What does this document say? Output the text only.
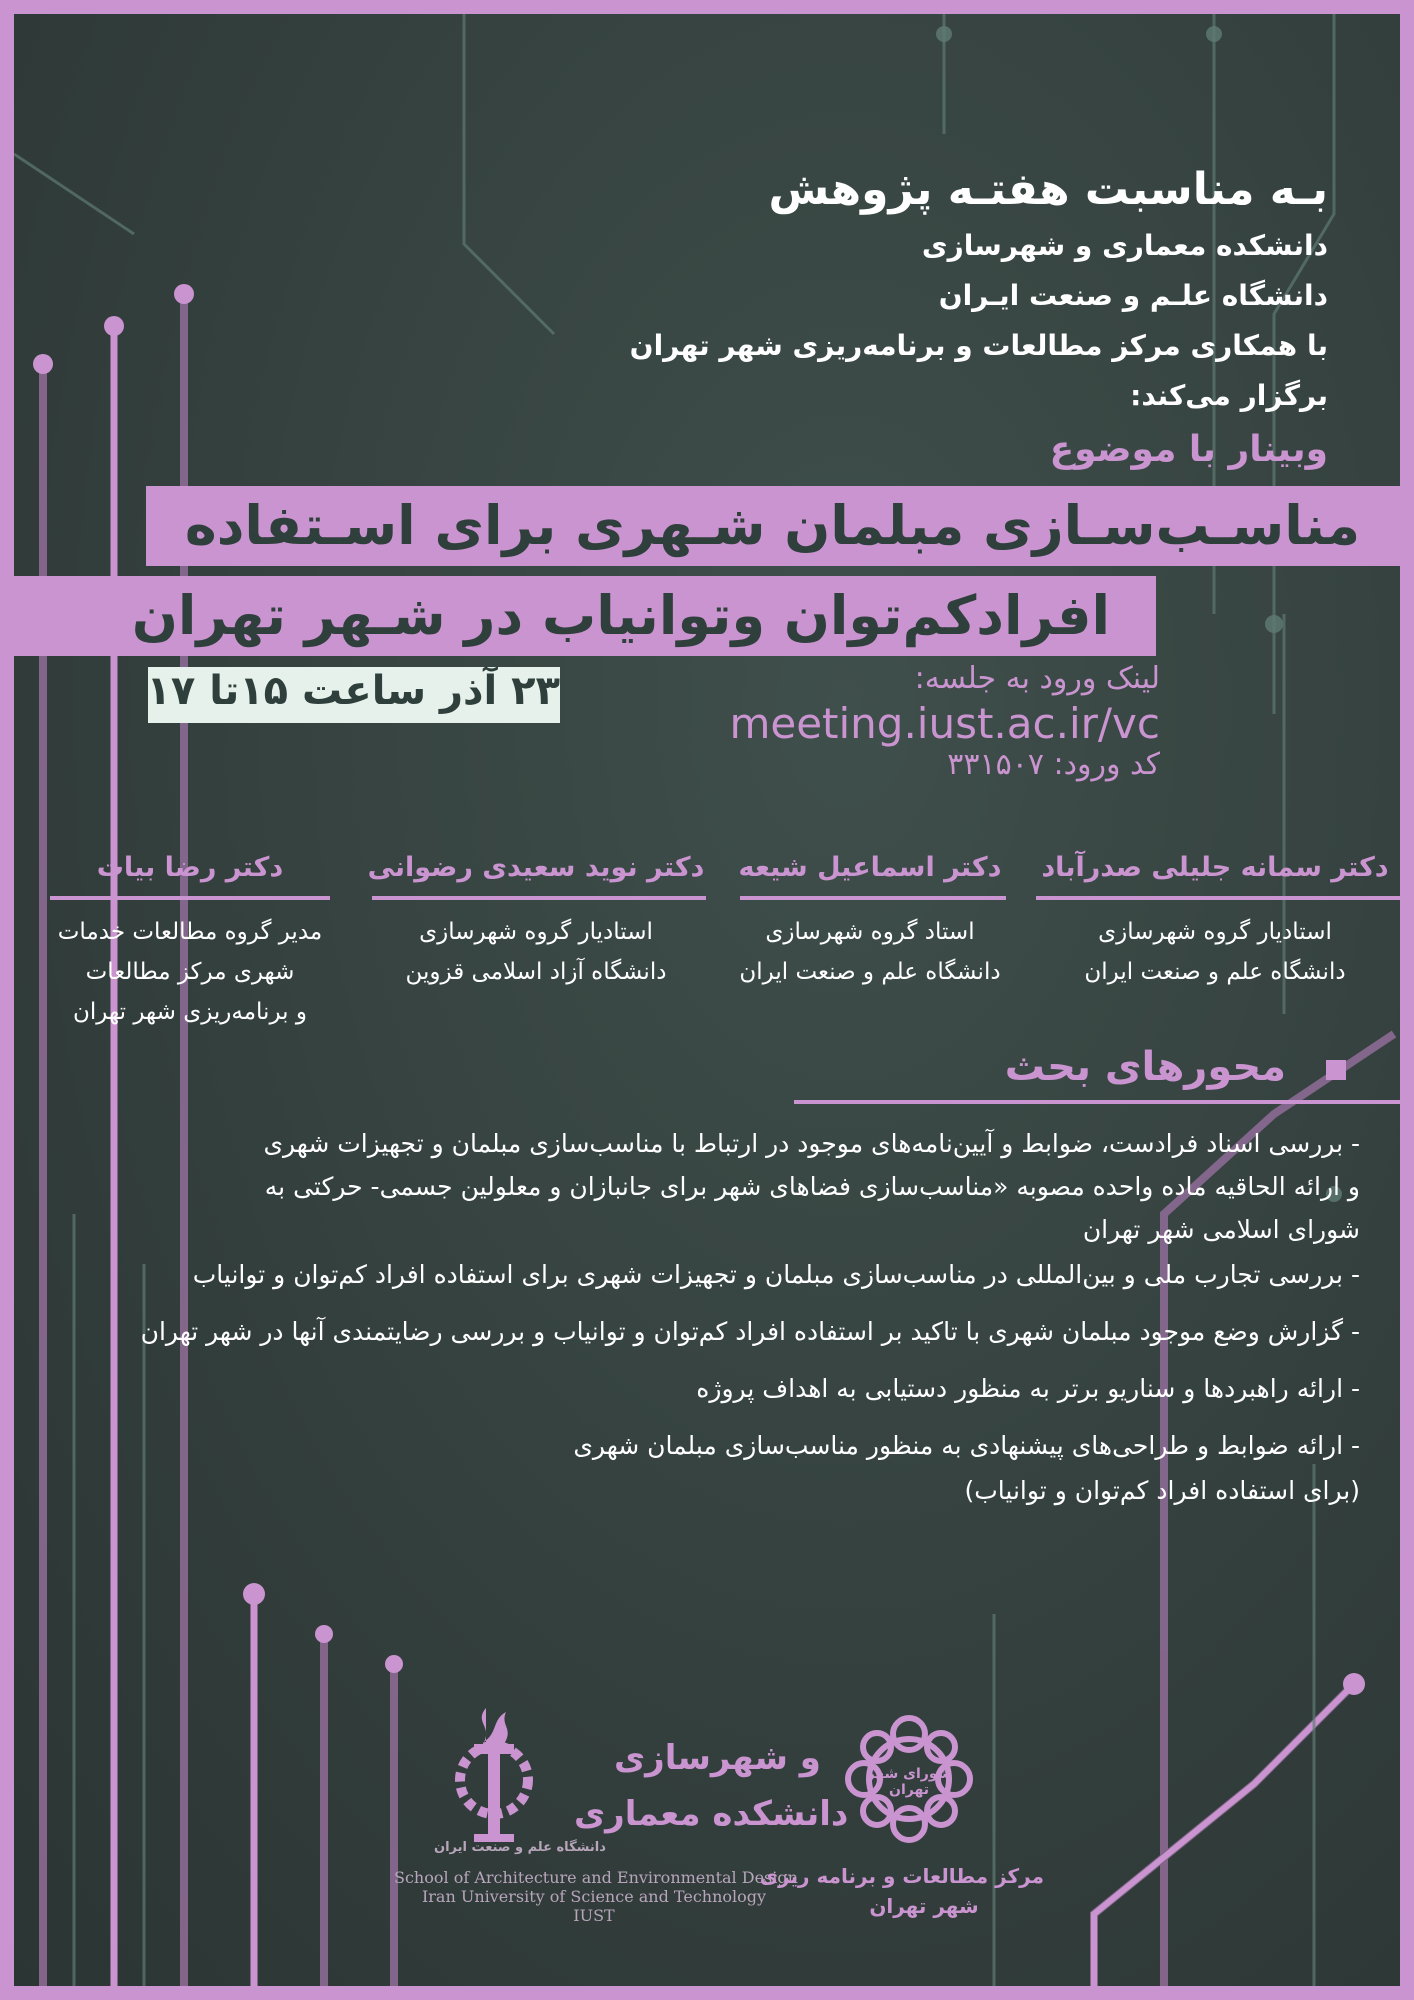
بـه مناسبت هفتـه پژوهش
دانشکده معماری و شهرسازی
دانشگاه علـم و صنعت ایـران
با همکاری مرکز مطالعات و برنامه‌ریزی شهر تهران
برگزار می‌کند:
وبینار با موضوع
مناسـب‌سـازی مبلمان شـهری برای اسـتفاده
افرادکم‌توان وتوانیاب در شـهر تهران
۲۳ آذر ساعت ۱۵تا ۱۷	لینک ورود به جلسه:
meeting.iust.ac.ir/vc
کد ورود: ۳۳۱۵۰۷
دکتر سمانه جلیلی صدرآباد
استادیار گروه شهرسازی
دانشگاه علم و صنعت ایران
دکتر اسماعیل شیعه
استاد گروه شهرسازی
دانشگاه علم و صنعت ایران
دکتر نوید سعیدی رضوانی
استادیار گروه شهرسازی
دانشگاه آزاد اسلامی قزوین
دکتر رضا بیات
مدیر گروه مطالعات خدمات
شهری مرکز مطالعات
و برنامه‌ریزی شهر تهران
محورهای بحث
- بررسی اسناد فرادست، ضوابط و آیین‌نامه‌های موجود در ارتباط با مناسب‌سازی مبلمان و تجهیزات شهری
و ارائه الحاقیه ماده واحده مصوبه «مناسب‌سازی فضاهای شهر برای جانبازان و معلولین جسمی- حرکتی به
شورای اسلامی شهر تهران
- بررسی تجارب ملی و بین‌المللی در مناسب‌سازی مبلمان و تجهیزات شهری برای استفاده افراد کم‌توان و توانیاب
- گزارش وضع موجود مبلمان شهری با تاکید بر استفاده افراد کم‌توان و توانیاب و بررسی رضایتمندی آنها در شهر تهران
- ارائه راهبردها و سناریو برتر به منظور دستیابی به اهداف پروژه
- ارائه ضوابط و طراحی‌های پیشنهادی به منظور مناسب‌سازی مبلمان شهری
(برای استفاده افراد کم‌توان و توانیاب)
دانشکده معماری
و شهرسازی
دانشگاه علم و صنعت ایران
School of Architecture and Environmental Design
Iran University of Science and Technology
IUST
شورای شهر تهران
مرکز مطالعات و برنامه ریزی
شهر تهران
